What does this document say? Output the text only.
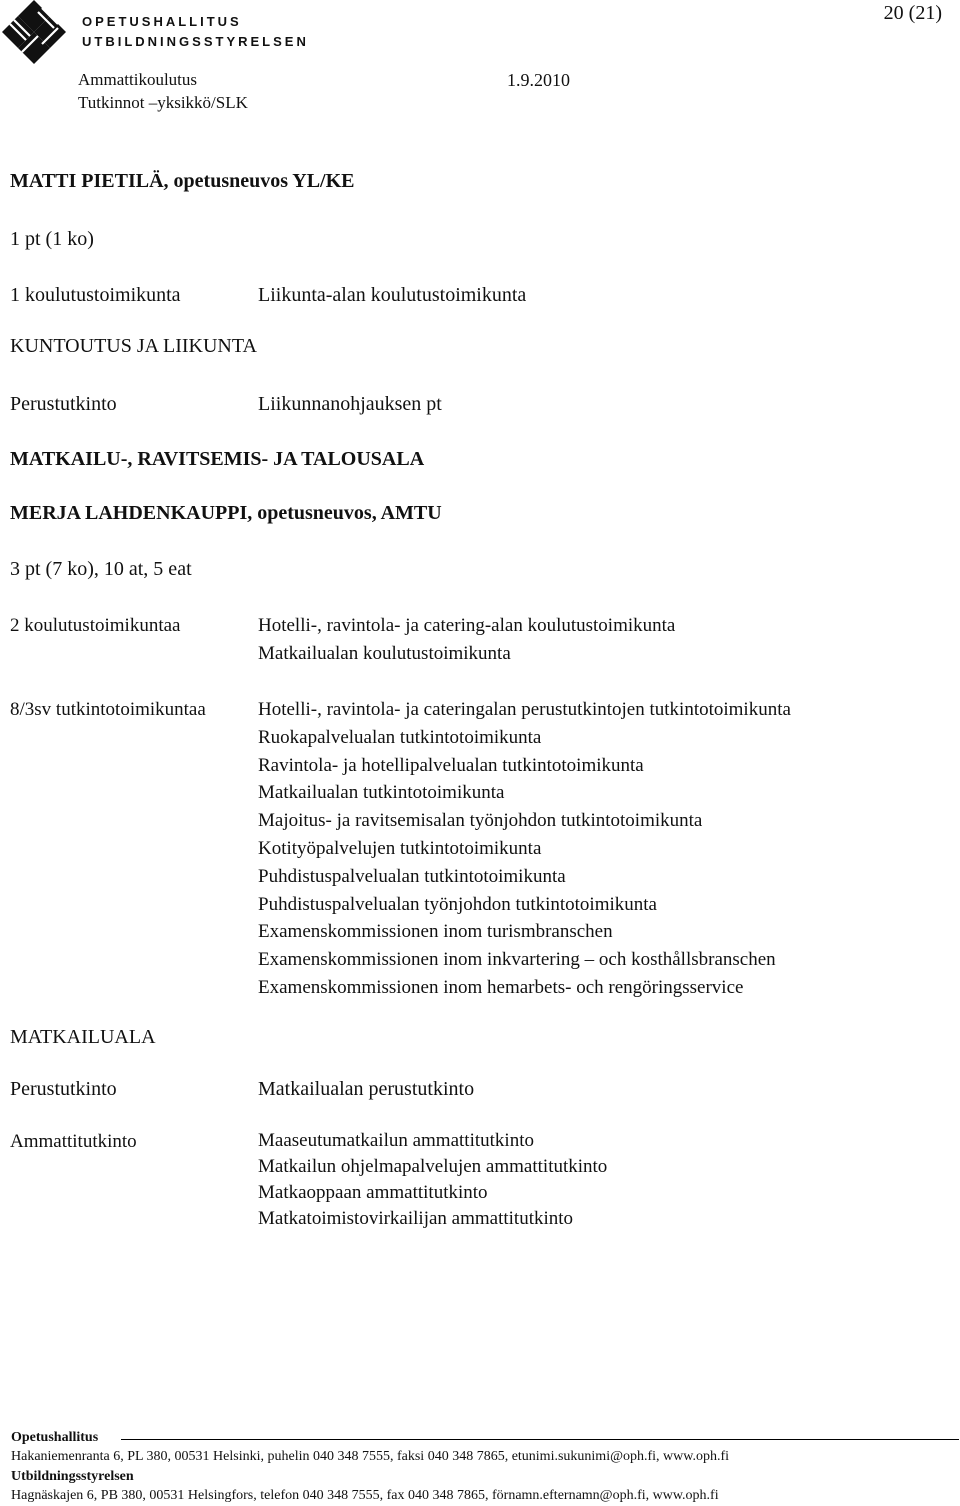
OPETUSHALLITUS
UTBILDNINGSSTYRELSEN
20 (21)
Ammattikoulutus	1.9.2010
Tutkinnot –yksikkö/SLK
MATTI PIETILÄ, opetusneuvos YL/KE
1 pt (1 ko)
1 koulutustoimikunta	Liikunta-alan koulutustoimikunta
KUNTOUTUS JA LIIKUNTA
Perustutkinto	Liikunnanohjauksen pt
MATKAILU-, RAVITSEMIS- JA TALOUSALA
MERJA LAHDENKAUPPI, opetusneuvos, AMTU
3 pt (7 ko), 10 at, 5 eat
2 koulutustoimikuntaa	Hotelli-, ravintola- ja catering-alan koulutustoimikunta
Matkailualan koulutustoimikunta
8/3sv tutkintotoimikuntaa	Hotelli-, ravintola- ja cateringalan perustutkintojen tutkintotoimikunta
Ruokapalvelualan tutkintotoimikunta
Ravintola- ja hotellipalvelualan tutkintotoimikunta
Matkailualan tutkintotoimikunta
Majoitus- ja ravitsemisalan työnjohdon tutkintotoimikunta
Kotityöpalvelujen tutkintotoimikunta
Puhdistuspalvelualan tutkintotoimikunta
Puhdistuspalvelualan työnjohdon tutkintotoimikunta
Examenskommissionen inom turismbranschen
Examenskommissionen inom inkvartering – och kosthållsbranschen
Examenskommissionen inom hemarbets- och rengöringsservice
MATKAILUALA
Perustutkinto	Matkailualan perustutkinto
Ammattitutkinto	Maaseutumatkailun ammattitutkinto
Matkailun ohjelmapalvelujen ammattitutkinto
Matkaoppaan ammattitutkinto
Matkatoimistovirkailijan ammattitutkinto
Opetushallitus
Hakaniemenranta 6, PL 380, 00531 Helsinki, puhelin 040 348 7555, faksi 040 348 7865, etunimi.sukunimi@oph.fi, www.oph.fi
Utbildningsstyrelsen
Hagnäskajen 6, PB 380, 00531 Helsingfors, telefon 040 348 7555, fax 040 348 7865, förnamn.efternamn@oph.fi, www.oph.fi
